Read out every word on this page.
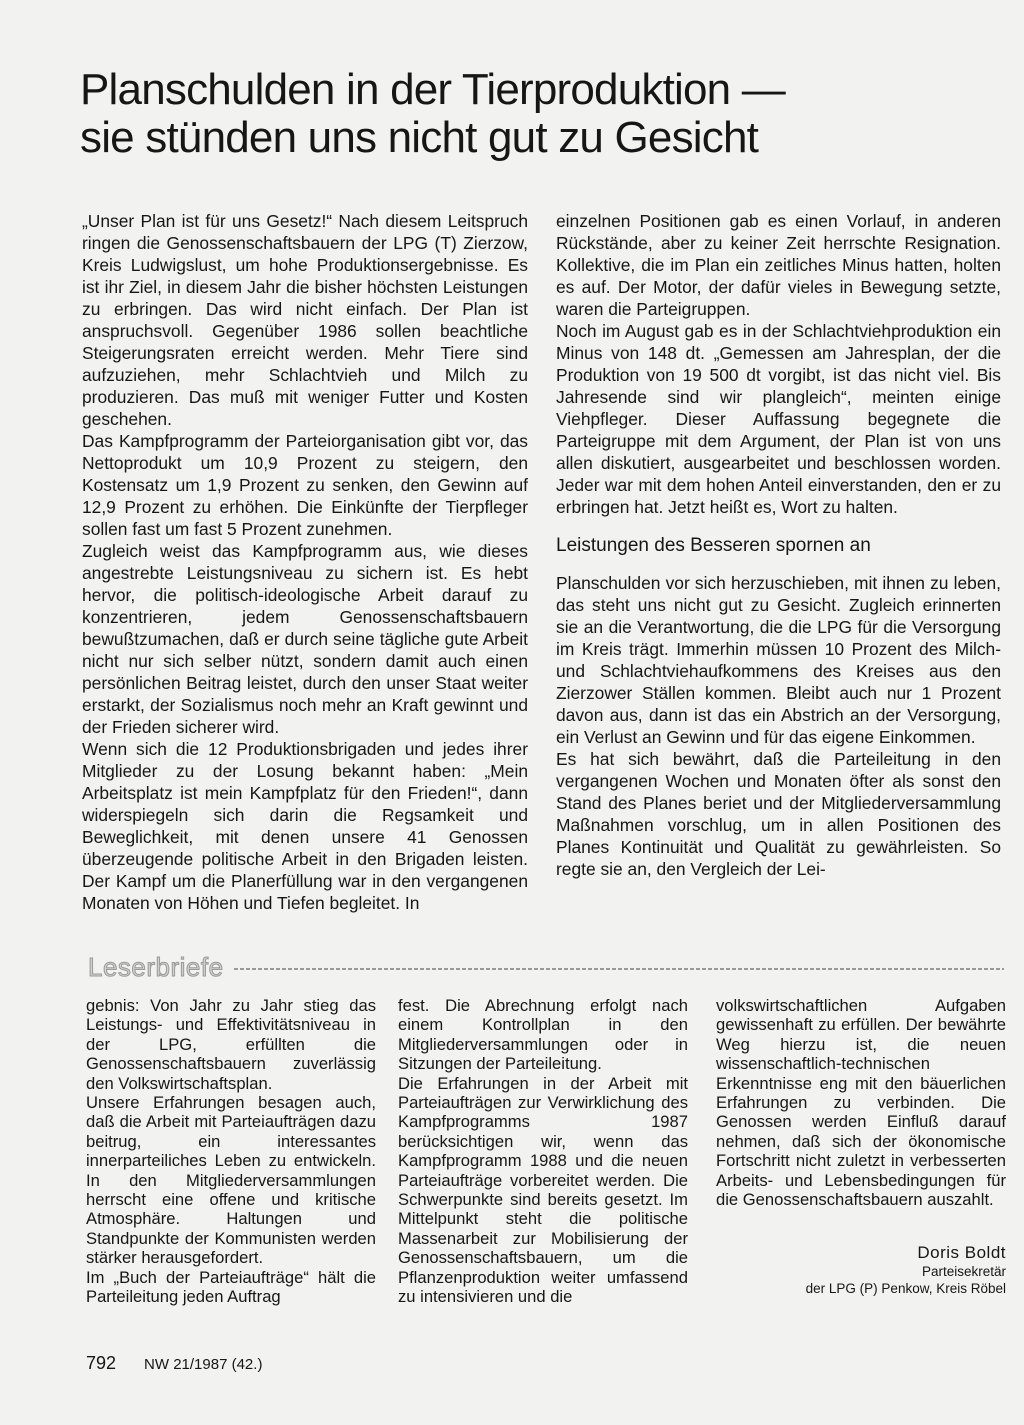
Planschulden in der Tierproduktion —
sie stünden uns nicht gut zu Gesicht

„Unser Plan ist für uns Gesetz!“ Nach diesem Leitspruch ringen die Genossenschaftsbauern der LPG (T) Zierzow, Kreis Ludwigslust, um hohe Produktionsergebnisse. Es ist ihr Ziel, in diesem Jahr die bisher höchsten Leistungen zu erbringen. Das wird nicht einfach. Der Plan ist anspruchsvoll. Gegenüber 1986 sollen beachtliche Steigerungsraten erreicht werden. Mehr Tiere sind aufzuziehen, mehr Schlachtvieh und Milch zu produzieren. Das muß mit weniger Futter und Kosten geschehen.

Das Kampfprogramm der Parteiorganisation gibt vor, das Nettoprodukt um 10,9 Prozent zu steigern, den Kostensatz um 1,9 Prozent zu senken, den Gewinn auf 12,9 Prozent zu erhöhen. Die Einkünfte der Tierpfleger sollen fast um fast 5 Prozent zunehmen.

Zugleich weist das Kampfprogramm aus, wie dieses angestrebte Leistungsniveau zu sichern ist. Es hebt hervor, die politisch-ideologische Arbeit darauf zu konzentrieren, jedem Genossenschaftsbauern bewußtzumachen, daß er durch seine tägliche gute Arbeit nicht nur sich selber nützt, sondern damit auch einen persönlichen Beitrag leistet, durch den unser Staat weiter erstarkt, der Sozialismus noch mehr an Kraft gewinnt und der Frieden sicherer wird.

Wenn sich die 12 Produktionsbrigaden und jedes ihrer Mitglieder zu der Losung bekannt haben: „Mein Arbeitsplatz ist mein Kampfplatz für den Frieden!“, dann widerspiegeln sich darin die Regsamkeit und Beweglichkeit, mit denen unsere 41 Genossen überzeugende politische Arbeit in den Brigaden leisten. Der Kampf um die Planerfüllung war in den vergangenen Monaten von Höhen und Tiefen begleitet. In

einzelnen Positionen gab es einen Vorlauf, in anderen Rückstände, aber zu keiner Zeit herrschte Resignation. Kollektive, die im Plan ein zeitliches Minus hatten, holten es auf. Der Motor, der dafür vieles in Bewegung setzte, waren die Parteigruppen.

Noch im August gab es in der Schlachtviehproduktion ein Minus von 148 dt. „Gemessen am Jahresplan, der die Produktion von 19 500 dt vorgibt, ist das nicht viel. Bis Jahresende sind wir plangleich“, meinten einige Viehpfleger. Dieser Auffassung begegnete die Parteigruppe mit dem Argument, der Plan ist von uns allen diskutiert, ausgearbeitet und beschlossen worden. Jeder war mit dem hohen Anteil einverstanden, den er zu erbringen hat. Jetzt heißt es, Wort zu halten.

Leistungen des Besseren spornen an

Planschulden vor sich herzuschieben, mit ihnen zu leben, das steht uns nicht gut zu Gesicht. Zugleich erinnerten sie an die Verantwortung, die die LPG für die Versorgung im Kreis trägt. Immerhin müssen 10 Prozent des Milch- und Schlachtviehaufkommens des Kreises aus den Zierzower Ställen kommen. Bleibt auch nur 1 Prozent davon aus, dann ist das ein Abstrich an der Versorgung, ein Verlust an Gewinn und für das eigene Einkommen.

Es hat sich bewährt, daß die Parteileitung in den vergangenen Wochen und Monaten öfter als sonst den Stand des Planes beriet und der Mitgliederversammlung Maßnahmen vorschlug, um in allen Positionen des Planes Kontinuität und Qualität zu gewährleisten. So regte sie an, den Vergleich der Lei-

Leserbriefe

gebnis: Von Jahr zu Jahr stieg das Leistungs- und Effektivitätsniveau in der LPG, erfüllten die Genossenschaftsbauern zuverlässig den Volkswirtschaftsplan.

Unsere Erfahrungen besagen auch, daß die Arbeit mit Parteiaufträgen dazu beitrug, ein interessantes innerparteiliches Leben zu entwickeln. In den Mitgliederversammlungen herrscht eine offene und kritische Atmosphäre. Haltungen und Standpunkte der Kommunisten werden stärker herausgefordert.

Im „Buch der Parteiaufträge“ hält die Parteileitung jeden Auftrag

fest. Die Abrechnung erfolgt nach einem Kontrollplan in den Mitgliederversammlungen oder in Sitzungen der Parteileitung.

Die Erfahrungen in der Arbeit mit Parteiaufträgen zur Verwirklichung des Kampfprogramms 1987 berücksichtigen wir, wenn das Kampfprogramm 1988 und die neuen Parteiaufträge vorbereitet werden. Die Schwerpunkte sind bereits gesetzt. Im Mittelpunkt steht die politische Massenarbeit zur Mobilisierung der Genossenschaftsbauern, um die Pflanzenproduktion weiter umfassend zu intensivieren und die

volkswirtschaftlichen Aufgaben gewissenhaft zu erfüllen. Der bewährte Weg hierzu ist, die neuen wissenschaftlich-technischen Erkenntnisse eng mit den bäuerlichen Erfahrungen zu verbinden. Die Genossen werden Einfluß darauf nehmen, daß sich der ökonomische Fortschritt nicht zuletzt in verbesserten Arbeits- und Lebensbedingungen für die Genossenschaftsbauern auszahlt.

Doris Boldt
Parteisekretär
der LPG (P) Penkow, Kreis Röbel
792 NW 21/1987 (42.)
